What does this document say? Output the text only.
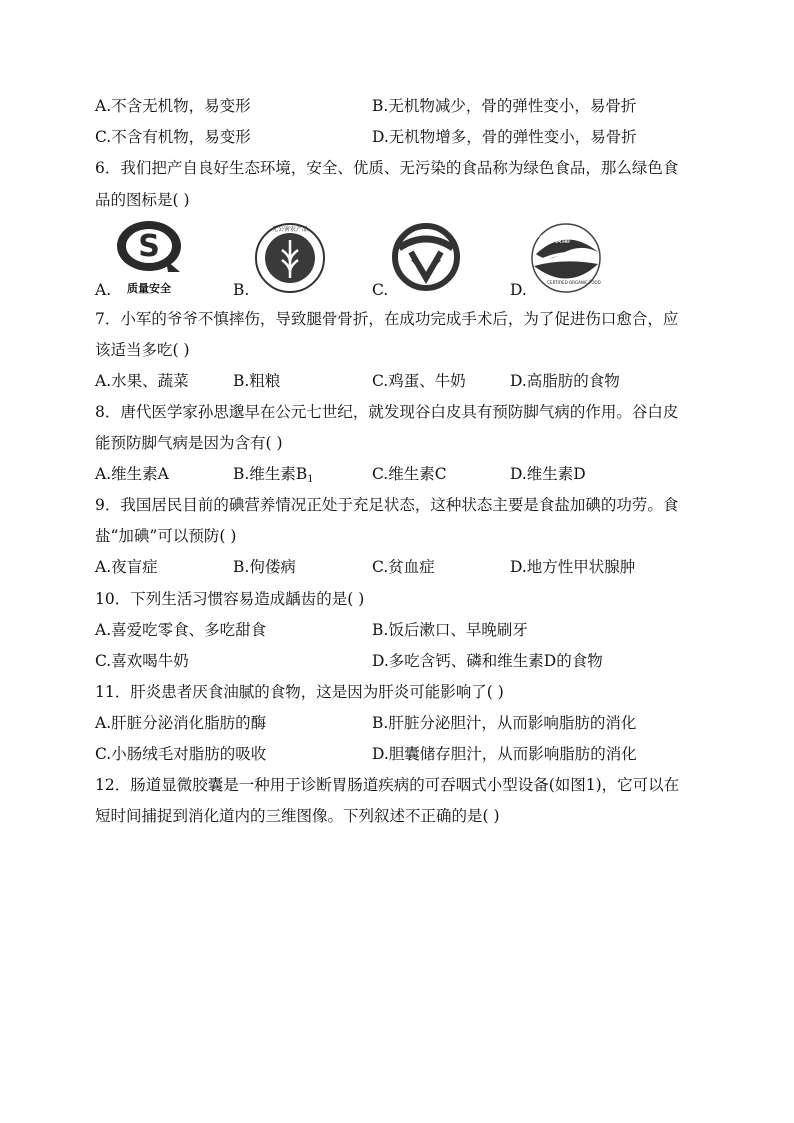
A.不含无机物，易变形	B.无机物减少，骨的弹性变小，易骨折
C.不含有机物，易变形	D.无机物增多，骨的弹性变小，易骨折
6．我们把产自良好生态环境，安全、优质、无污染的食品称为绿色食品，那么绿色食
品的图标是( )
A.
S
质量安全	B.
无公害农产品
C.	D.
有机食品
CERTIFIED ORGANIC FOOD
7．小军的爷爷不慎摔伤，导致腿骨骨折，在成功完成手术后，为了促进伤口愈合，应
该适当多吃( )
A.水果、蔬菜	B.粗粮	C.鸡蛋、牛奶	D.高脂肪的食物
8．唐代医学家孙思邈早在公元七世纪，就发现谷白皮具有预防脚气病的作用。谷白皮
能预防脚气病是因为含有( )
A.维生素A	B.维生素$B_1$	C.维生素C	D.维生素D
9．我国居民目前的碘营养情况正处于充足状态，这种状态主要是食盐加碘的功劳。食
盐“加碘”可以预防( )
A.夜盲症	B.佝偻病	C.贫血症	D.地方性甲状腺肿
10．下列生活习惯容易造成龋齿的是( )
A.喜爱吃零食、多吃甜食	B.饭后漱口、早晚刷牙
C.喜欢喝牛奶	D.多吃含钙、磷和维生素D的食物
11．肝炎患者厌食油腻的食物，这是因为肝炎可能影响了( )
A.肝脏分泌消化脂肪的酶	B.肝脏分泌胆汁，从而影响脂肪的消化
C.小肠绒毛对脂肪的吸收	D.胆囊储存胆汁，从而影响脂肪的消化
12．肠道显微胶囊是一种用于诊断胃肠道疾病的可吞咽式小型设备(如图1)，它可以在
短时间捕捉到消化道内的三维图像。下列叙述不正确的是( )
